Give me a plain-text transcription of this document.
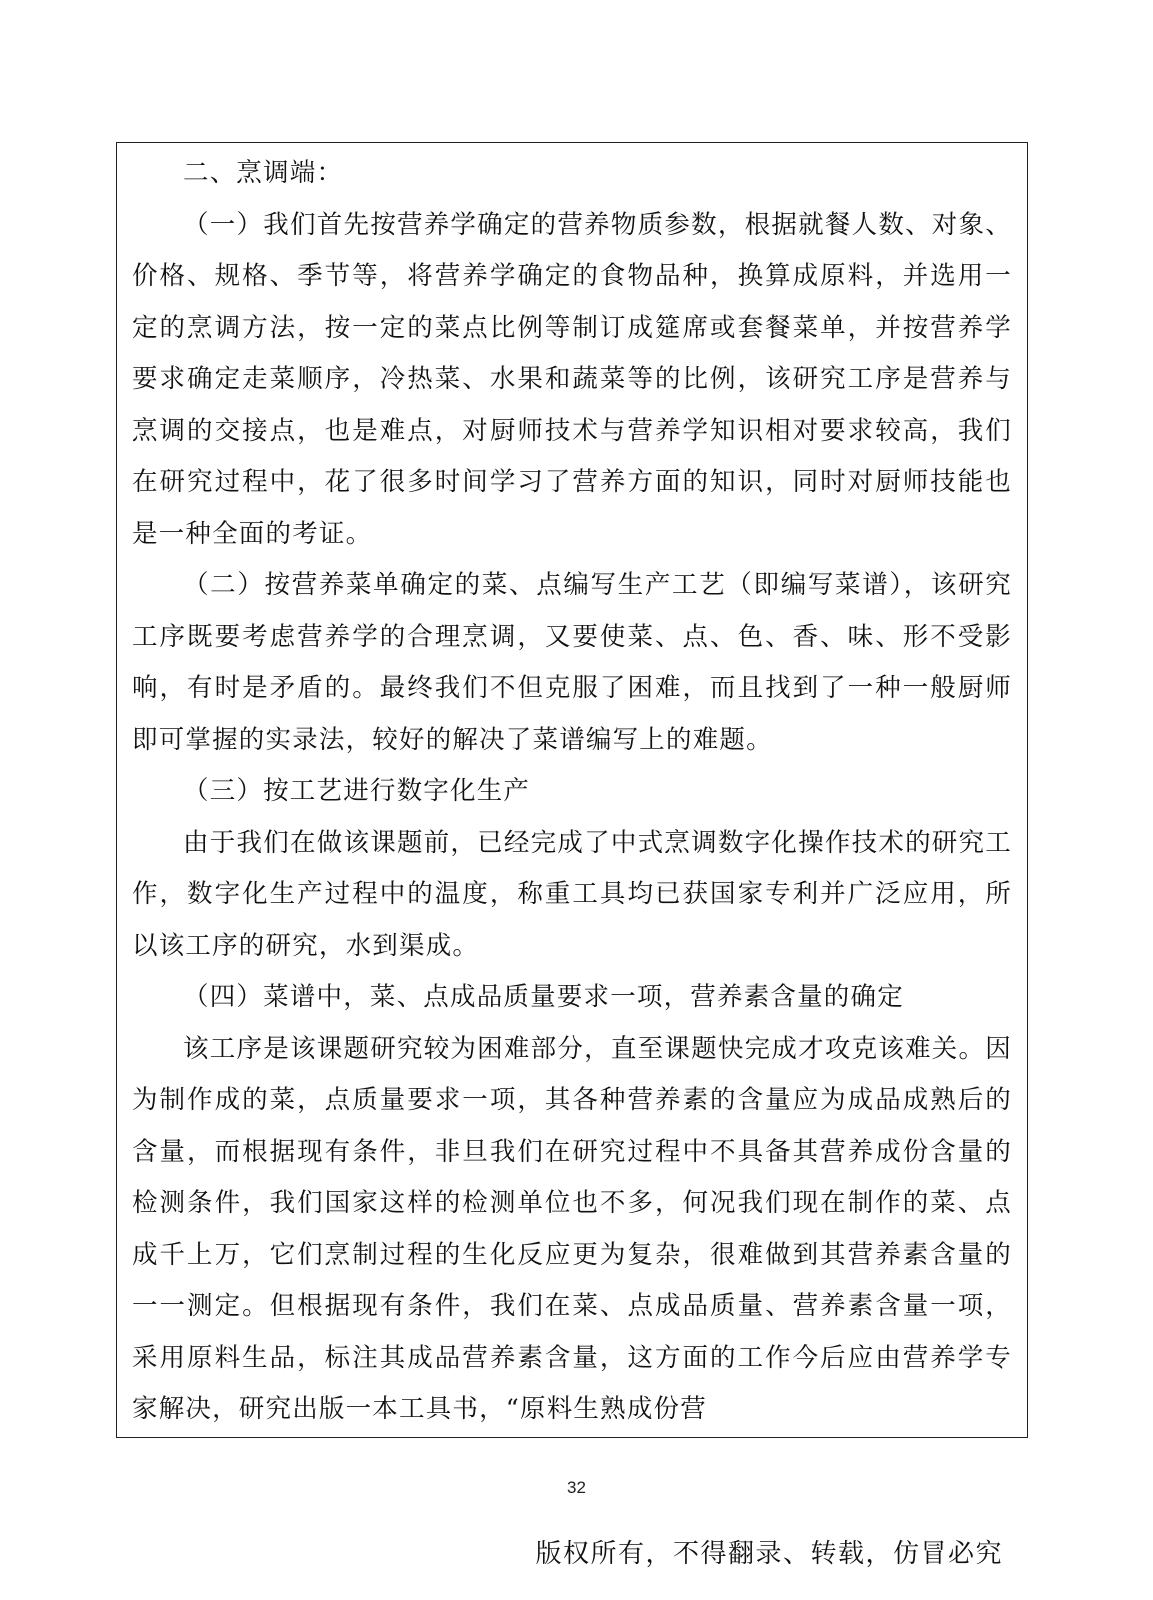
二、烹调端：

（一）我们首先按营养学确定的营养物质参数，根据就餐人数、对象、价格、规格、季节等，将营养学确定的食物品种，换算成原料，并选用一定的烹调方法，按一定的菜点比例等制订成筵席或套餐菜单，并按营养学要求确定走菜顺序，冷热菜、水果和蔬菜等的比例，该研究工序是营养与烹调的交接点，也是难点，对厨师技术与营养学知识相对要求较高，我们在研究过程中，花了很多时间学习了营养方面的知识，同时对厨师技能也是一种全面的考证。

（二）按营养菜单确定的菜、点编写生产工艺（即编写菜谱），该研究工序既要考虑营养学的合理烹调，又要使菜、点、色、香、味、形不受影响，有时是矛盾的。最终我们不但克服了困难，而且找到了一种一般厨师即可掌握的实录法，较好的解决了菜谱编写上的难题。

（三）按工艺进行数字化生产

由于我们在做该课题前，已经完成了中式烹调数字化操作技术的研究工作，数字化生产过程中的温度，称重工具均已获国家专利并广泛应用，所以该工序的研究，水到渠成。

（四）菜谱中，菜、点成品质量要求一项，营养素含量的确定

该工序是该课题研究较为困难部分，直至课题快完成才攻克该难关。因为制作成的菜，点质量要求一项，其各种营养素的含量应为成品成熟后的含量，而根据现有条件，非旦我们在研究过程中不具备其营养成份含量的检测条件，我们国家这样的检测单位也不多，何况我们现在制作的菜、点成千上万，它们烹制过程的生化反应更为复杂，很难做到其营养素含量的一一测定。但根据现有条件，我们在菜、点成品质量、营养素含量一项，采用原料生品，标注其成品营养素含量，这方面的工作今后应由营养学专家解决，研究出版一本工具书，“原料生熟成份营

32
版权所有，不得翻录、转载，仿冒必究
